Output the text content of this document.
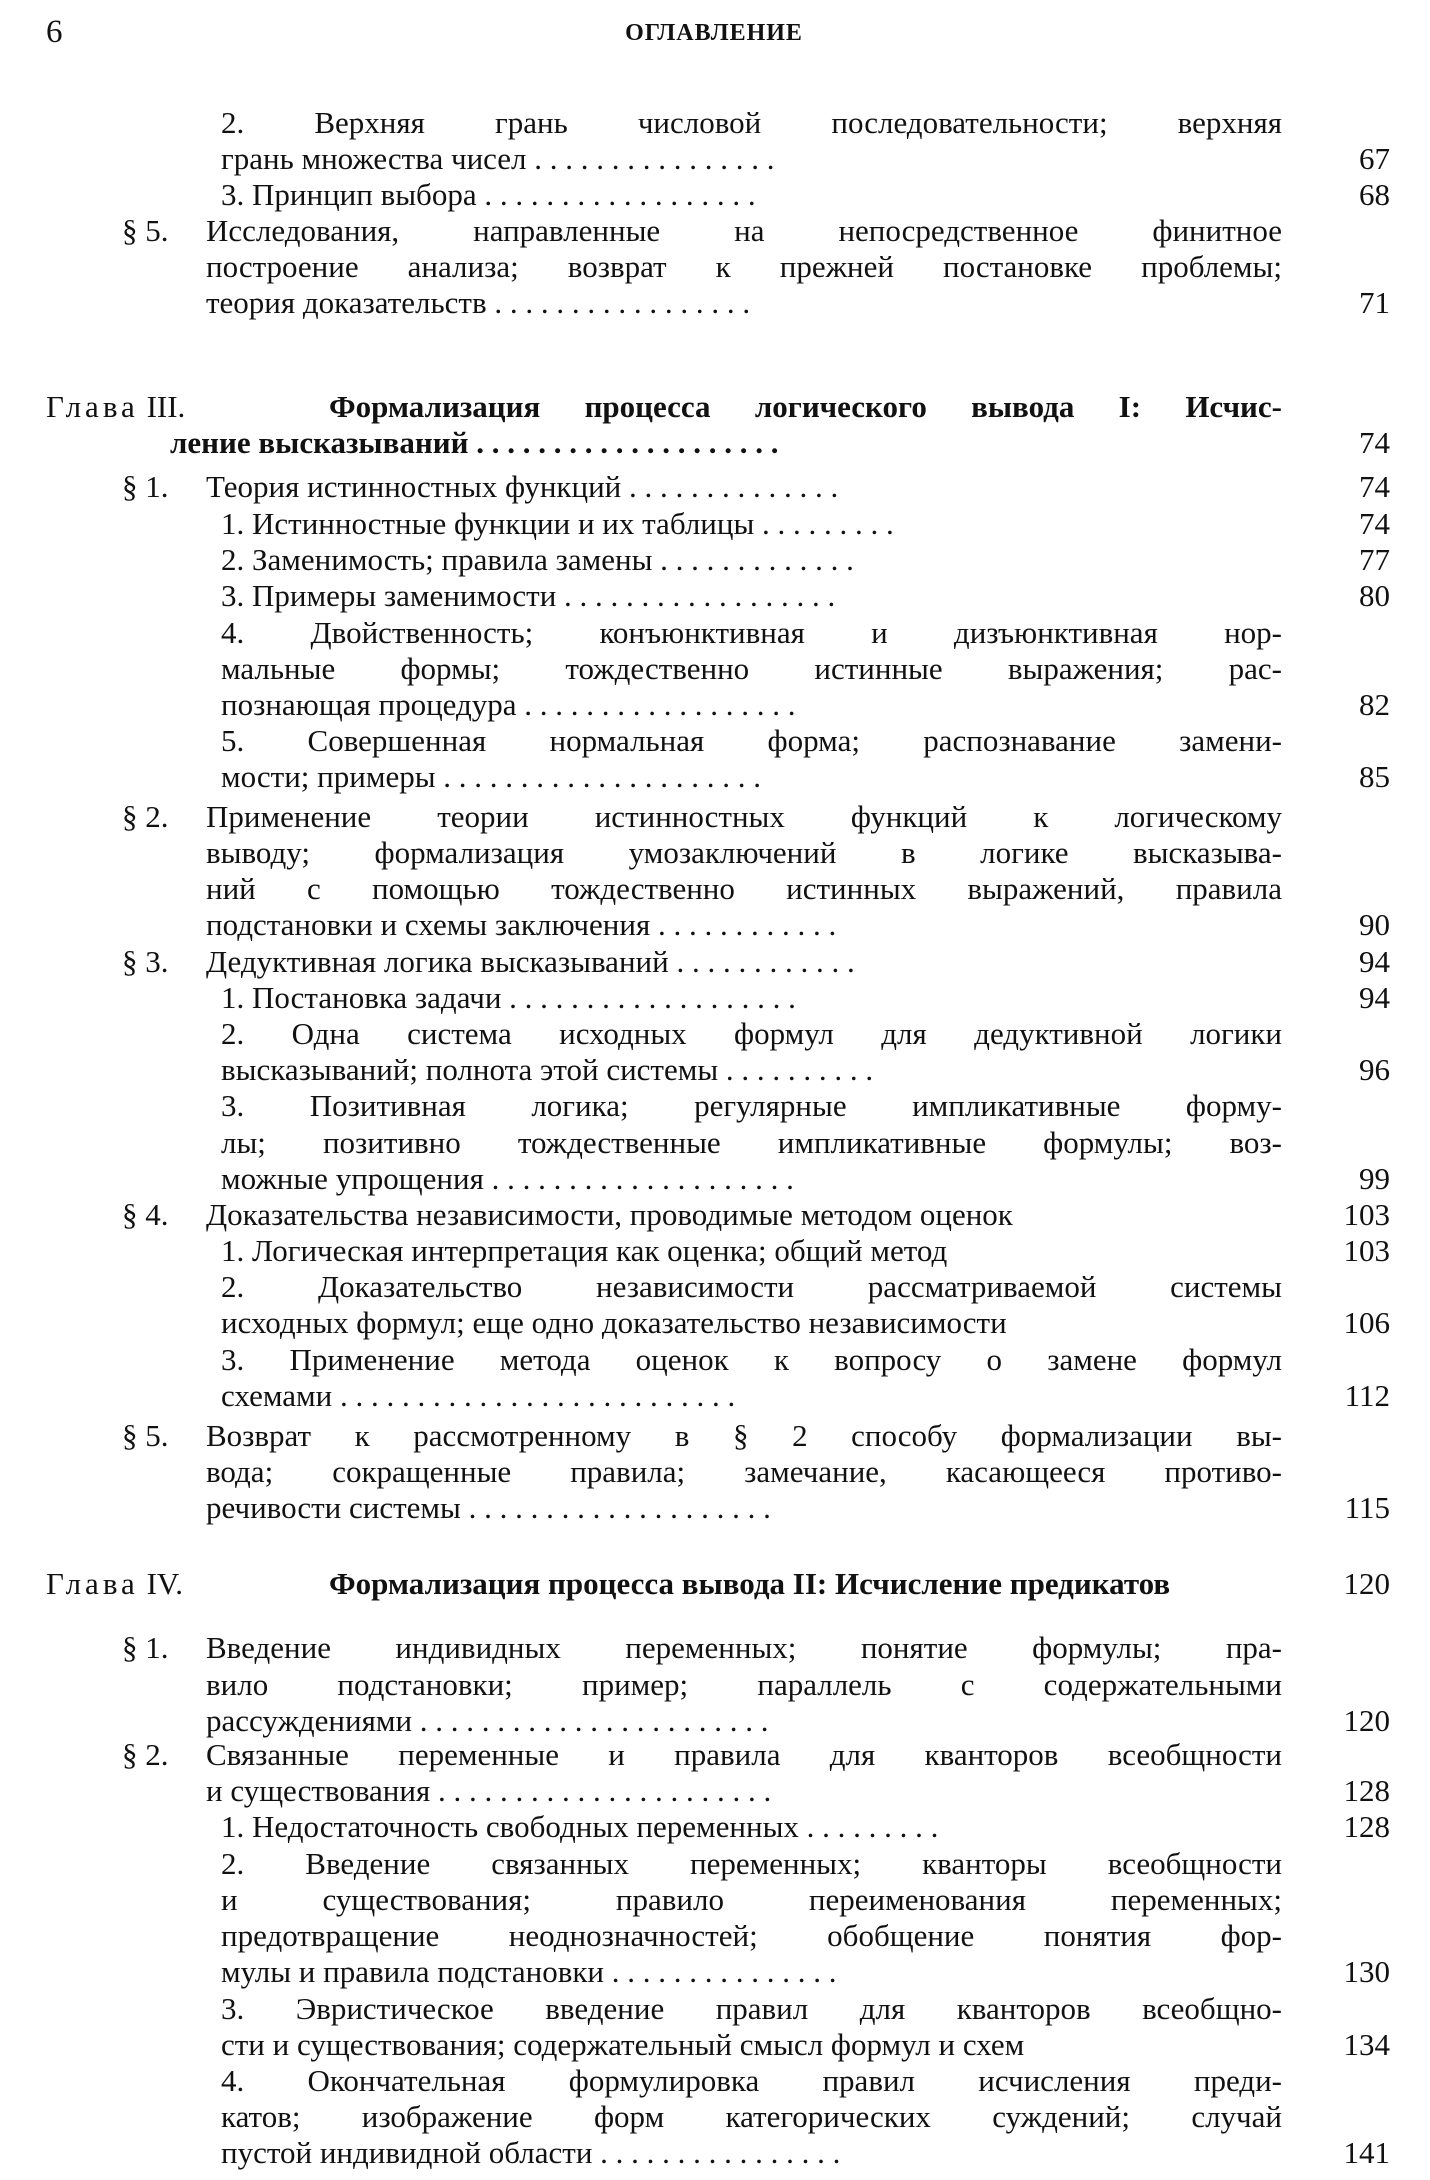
6	ОГЛАВЛЕНИЕ
2. Верхняя грань числовой последовательности; верхняя
грань множества чисел . . . . . . . . . . . . . . . .	67
3. Принцип выбора . . . . . . . . . . . . . . . . . .	68
§ 5. Исследования, направленные на непосредственное финитное
построение анализа; возврат к прежней постановке проблемы;
теория доказательств . . . . . . . . . . . . . . . . .	71
Глава III.	Формализация процесса логического вывода I: Исчис-
ление высказываний . . . . . . . . . . . . . . . . . . . .	74
§ 1. Теория истинностных функций . . . . . . . . . . . . . .	74
1. Истинностные функции и их таблицы . . . . . . . . .	74
2. Заменимость; правила замены . . . . . . . . . . . . .	77
3. Примеры заменимости . . . . . . . . . . . . . . . . . .	80
4. Двойственность; конъюнктивная и дизъюнктивная нор-
мальные формы; тождественно истинные выражения; рас-
познающая процедура . . . . . . . . . . . . . . . . . .	82
5. Совершенная нормальная форма; распознавание замени-
мости; примеры . . . . . . . . . . . . . . . . . . . . .	85
§ 2. Применение теории истинностных функций к логическому
выводу; формализация умозаключений в логике высказыва-
ний с помощью тождественно истинных выражений, правила
подстановки и схемы заключения . . . . . . . . . . . .	90
§ 3. Дедуктивная логика высказываний . . . . . . . . . . . .	94
1. Постановка задачи . . . . . . . . . . . . . . . . . . .	94
2. Одна система исходных формул для дедуктивной логики
высказываний; полнота этой системы . . . . . . . . . .	96
3. Позитивная логика; регулярные импликативные форму-
лы; позитивно тождественные импликативные формулы; воз-
можные упрощения . . . . . . . . . . . . . . . . . . . .	99
§ 4. Доказательства независимости, проводимые методом оценок	103
1. Логическая интерпретация как оценка; общий метод	103
2. Доказательство независимости рассматриваемой системы
исходных формул; еще одно доказательство независимости	106
3. Применение метода оценок к вопросу о замене формул
схемами . . . . . . . . . . . . . . . . . . . . . . . . . .	112
§ 5. Возврат к рассмотренному в § 2 способу формализации вы-
вода; сокращенные правила; замечание, касающееся противо-
речивости системы . . . . . . . . . . . . . . . . . . . .	115
Глава IV.	Формализация процесса вывода II: Исчисление предикатов	120
§ 1. Введение индивидных переменных; понятие формулы; пра-
вило подстановки; пример; параллель с содержательными
рассуждениями . . . . . . . . . . . . . . . . . . . . . . .	120
§ 2. Связанные переменные и правила для кванторов всеобщности
и существования . . . . . . . . . . . . . . . . . . . . . .	128
1. Недостаточность свободных переменных . . . . . . . . .	128
2. Введение связанных переменных; кванторы всеобщности
и существования; правило переименования переменных;
предотвращение неоднозначностей; обобщение понятия фор-
мулы и правила подстановки . . . . . . . . . . . . . . .	130
3. Эвристическое введение правил для кванторов всеобщно-
сти и существования; содержательный смысл формул и схем	134
4. Окончательная формулировка правил исчисления преди-
катов; изображение форм категорических суждений; случай
пустой индивидной области . . . . . . . . . . . . . . . .	141
